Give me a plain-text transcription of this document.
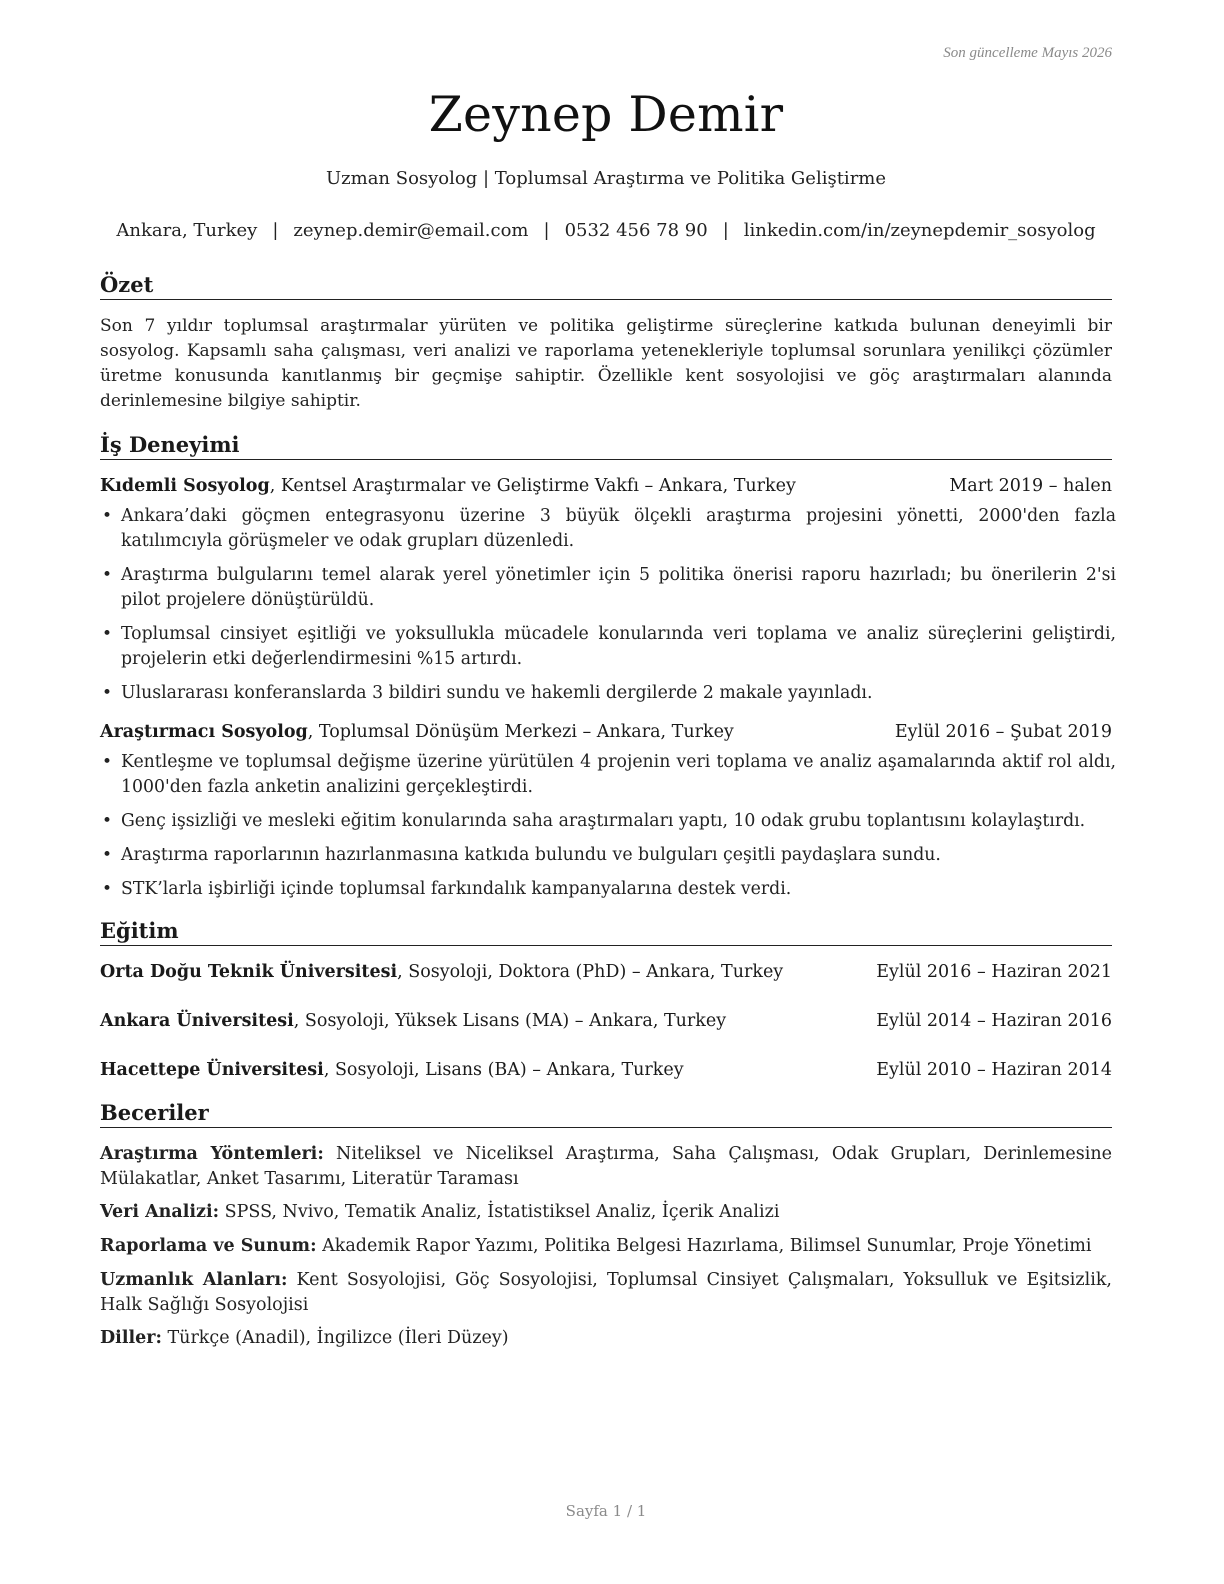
Son güncelleme Mayıs 2026
Zeynep Demir
Uzman Sosyolog | Toplumsal Araştırma ve Politika Geliştirme
Ankara, Turkey | zeynep.demir@email.com | 0532 456 78 90 | linkedin.com/in/zeynepdemir_sosyolog
Özet

Son 7 yıldır toplumsal araştırmalar yürüten ve politika geliştirme süreçlerine katkıda bulunan deneyimli bir sosyolog. Kapsamlı saha çalışması, veri analizi ve raporlama yetenekleriyle toplumsal sorunlara yenilikçi çözümler üretme konusunda kanıtlanmış bir geçmişe sahiptir. Özellikle kent sosyolojisi ve göç araştırmaları alanında derinlemesine bilgiye sahiptir.

İş Deneyimi
Kıdemli Sosyolog, Kentsel Araştırmalar ve Geliştirme Vakfı – Ankara, Turkey	Mart 2019 – halen
• Ankara’daki göçmen entegrasyonu üzerine 3 büyük ölçekli araştırma projesini yönetti, 2000'den fazla katılımcıyla görüşmeler ve odak grupları düzenledi.
• Araştırma bulgularını temel alarak yerel yönetimler için 5 politika önerisi raporu hazırladı; bu önerilerin 2'si pilot projelere dönüştürüldü.
• Toplumsal cinsiyet eşitliği ve yoksullukla mücadele konularında veri toplama ve analiz süreçlerini geliştirdi, projelerin etki değerlendirmesini %15 artırdı.
• Uluslararası konferanslarda 3 bildiri sundu ve hakemli dergilerde 2 makale yayınladı.
Araştırmacı Sosyolog, Toplumsal Dönüşüm Merkezi – Ankara, Turkey	Eylül 2016 – Şubat 2019
• Kentleşme ve toplumsal değişme üzerine yürütülen 4 projenin veri toplama ve analiz aşamalarında aktif rol aldı, 1000'den fazla anketin analizini gerçekleştirdi.
• Genç işsizliği ve mesleki eğitim konularında saha araştırmaları yaptı, 10 odak grubu toplantısını kolaylaştırdı.
• Araştırma raporlarının hazırlanmasına katkıda bulundu ve bulguları çeşitli paydaşlara sundu.
• STK’larla işbirliği içinde toplumsal farkındalık kampanyalarına destek verdi.
Eğitim
Orta Doğu Teknik Üniversitesi, Sosyoloji, Doktora (PhD) – Ankara, Turkey	Eylül 2016 – Haziran 2021
Ankara Üniversitesi, Sosyoloji, Yüksek Lisans (MA) – Ankara, Turkey	Eylül 2014 – Haziran 2016
Hacettepe Üniversitesi, Sosyoloji, Lisans (BA) – Ankara, Turkey	Eylül 2010 – Haziran 2014
Beceriler
Araştırma Yöntemleri: Niteliksel ve Niceliksel Araştırma, Saha Çalışması, Odak Grupları, Derinlemesine Mülakatlar, Anket Tasarımı, Literatür Taraması
Veri Analizi: SPSS, Nvivo, Tematik Analiz, İstatistiksel Analiz, İçerik Analizi
Raporlama ve Sunum: Akademik Rapor Yazımı, Politika Belgesi Hazırlama, Bilimsel Sunumlar, Proje Yönetimi
Uzmanlık Alanları: Kent Sosyolojisi, Göç Sosyolojisi, Toplumsal Cinsiyet Çalışmaları, Yoksulluk ve Eşitsizlik, Halk Sağlığı Sosyolojisi
Diller: Türkçe (Anadil), İngilizce (İleri Düzey)
Sayfa 1 / 1
